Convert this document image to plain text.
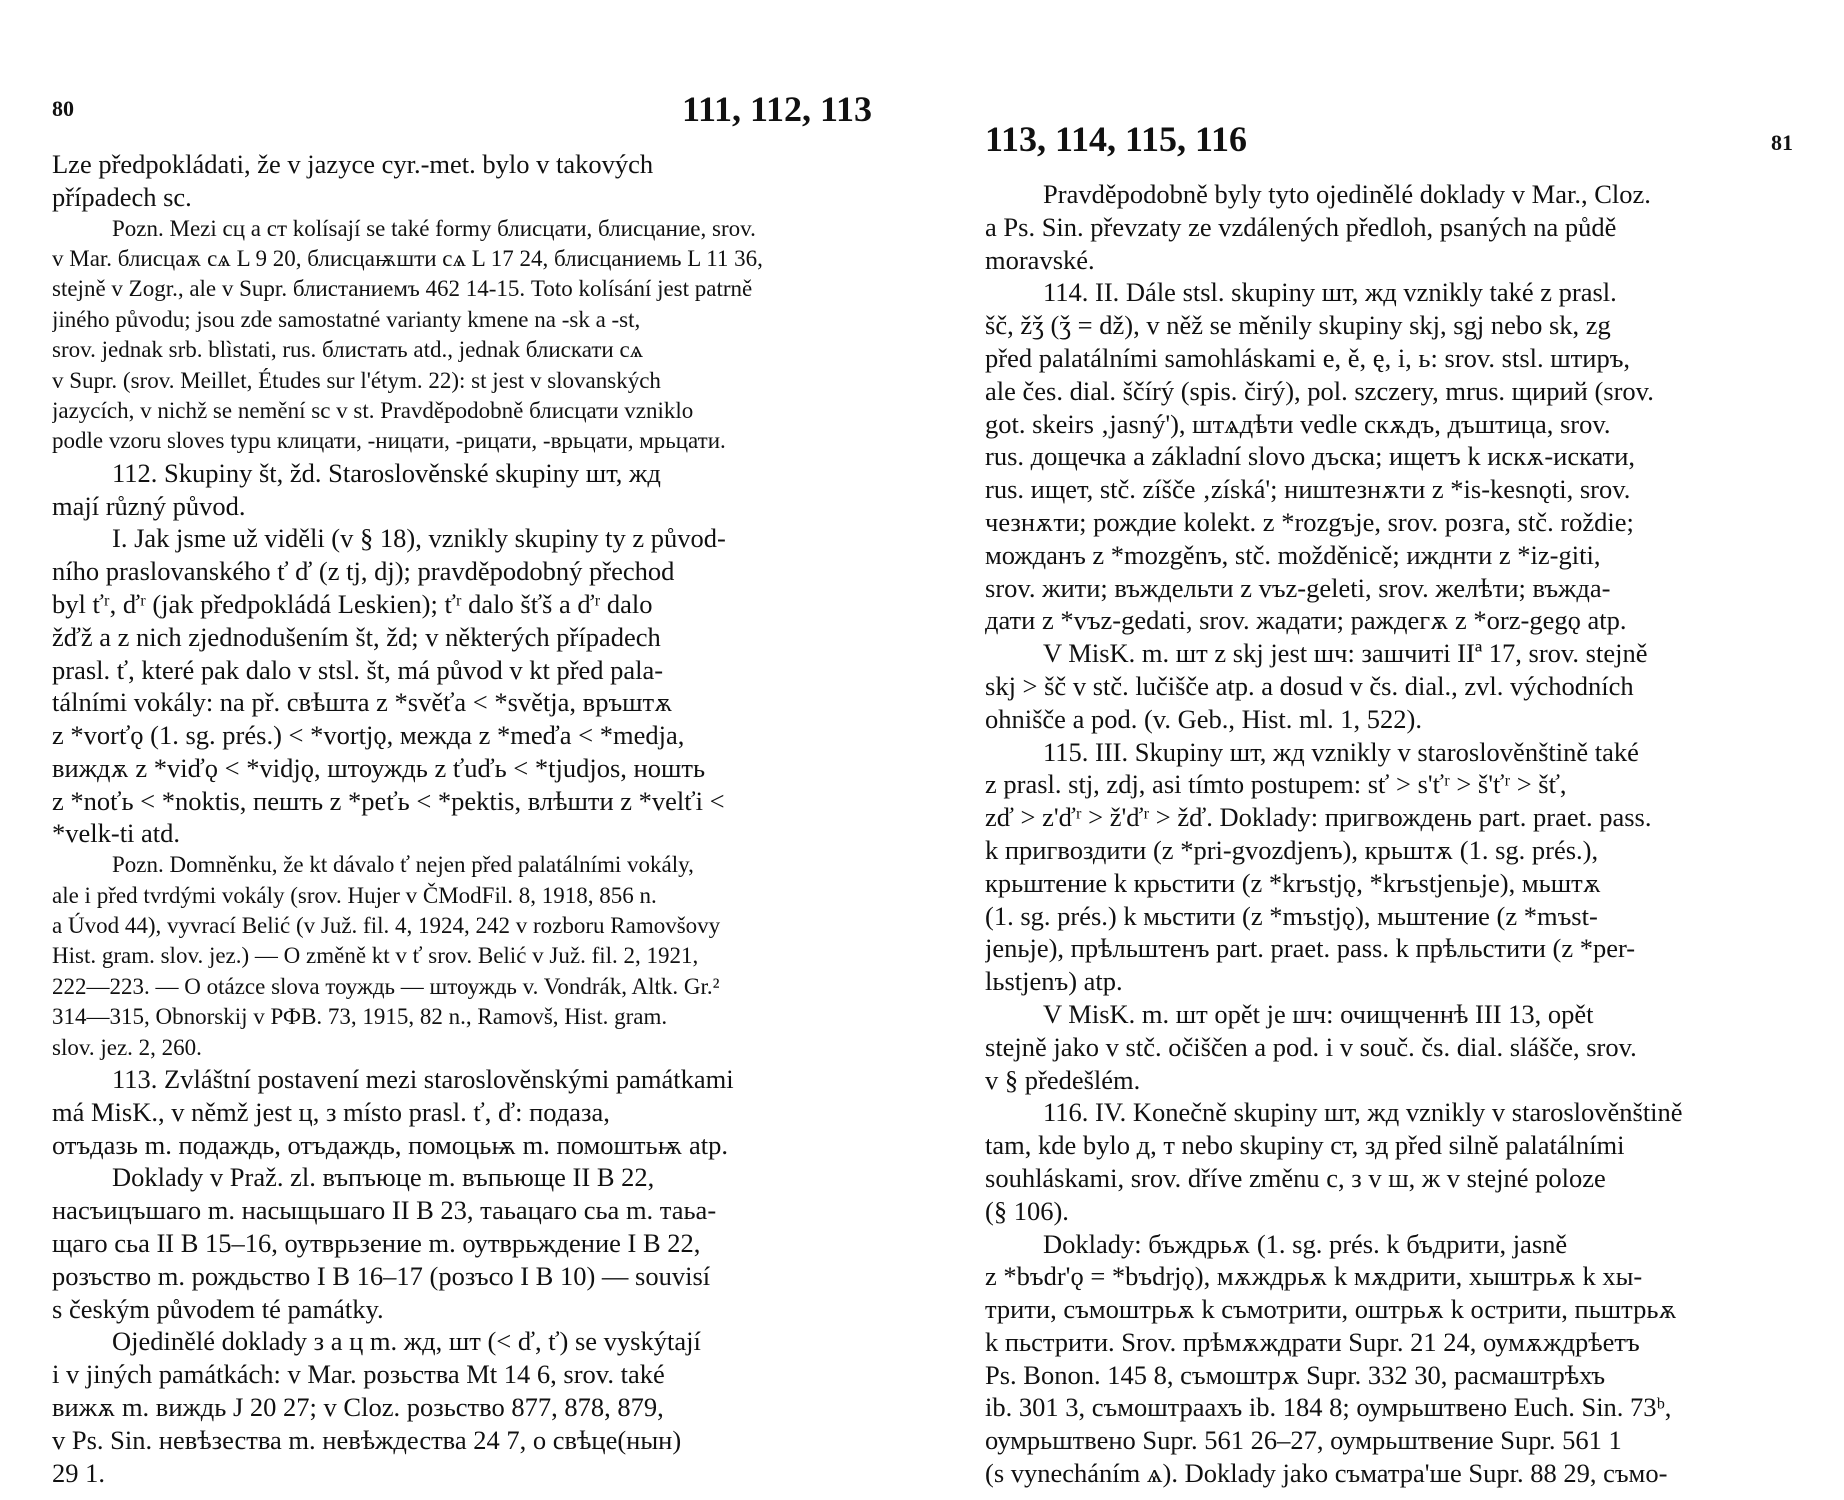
80	111, 112, 113
Lze předpokládati, že v jazyce cyr.-met. bylo v takových
případech sc.
Pozn. Mezi сц a ст kolísají se také formy блисцати, блисцание, srov.
v Mar. блисцаѫ сѧ L 9 20, блисцаѭшти сѧ L 17 24, блисцаниемь L 11 36,
stejně v Zogr., ale v Supr. блистаниемъ 462 14-15. Toto kolísání jest patrně
jiného původu; jsou zde samostatné varianty kmene na -sk a -st,
srov. jednak srb. blìstati, rus. блистать atd., jednak блискати сѧ
v Supr. (srov. Meillet, Études sur l'étym. 22): st jest v slovanských
jazycích, v nichž se nemění sc v st. Pravděpodobně блисцати vzniklo
podle vzoru sloves typu клицати, -ницати, -рицати, -врьцати, мрьцати.
112. Skupiny št, žd. Staroslověnské skupiny шт, жд
mají různý původ.
I. Jak jsme už viděli (v § 18), vznikly skupiny ty z původ-
ního praslovanského ť ď (z tj, dj); pravděpodobný přechod
byl ťʳ, ďʳ (jak předpokládá Leskien); ťʳ dalo šťš a ďʳ dalo
žďž a z nich zjednodušením št, žd; v některých případech
prasl. ť, které pak dalo v stsl. št, má původ v kt před pala-
tálními vokály: na př. свѣшта z *svěťa < *světja, връштѫ
z *vorťǫ (1. sg. prés.) < *vortjǫ, межда z *meďa < *medja,
виждѫ z *viďǫ < *vidjǫ, штоуждь z ťuďь < *tjudjos, ношть
z *noťь < *noktis, пешть z *peťь < *pektis, влѣшти z *velťi <
*velk-ti atd.
Pozn. Domněnku, že kt dávalo ť nejen před palatálními vokály,
ale i před tvrdými vokály (srov. Hujer v ČModFil. 8, 1918, 856 n.
a Úvod 44), vyvrací Belić (v Juž. fil. 4, 1924, 242 v rozboru Ramovšovy
Hist. gram. slov. jez.) — O změně kt v ť srov. Belić v Juž. fil. 2, 1921,
222—223. — O otázce slova тоуждь — штоуждь v. Vondrák, Altk. Gr.²
314—315, Obnorskij v РФВ. 73, 1915, 82 n., Ramovš, Hist. gram.
slov. jez. 2, 260.
113. Zvláštní postavení mezi staroslověnskými památkami
má MisK., v němž jest ц, з místo prasl. ť, ď: подаза,
отъдазь m. подаждь, отъдаждь, помоцьѭ m. помоштьѭ atp.
Doklady v Praž. zl. въпъюце m. въпьюще II B 22,
насъицъшаго m. насыщьшаго II B 23, таьацаго сьа m. таьа-
щаго сьа II B 15–16, оутврьзение m. оутврьждение I B 22,
розъство m. рождьство I B 16–17 (розъсо I B 10) — souvisí
s českým původem té památky.
Ojedinělé doklady з a ц m. жд, шт (< ď, ť) se vyskýtají
i v jiných památkách: v Mar. розьства Mt 14 6, srov. také
вижѫ m. виждь J 20 27; v Cloz. розьство 877, 878, 879,
v Ps. Sin. невѣзества m. невѣждества 24 7, о свѣце(нын)
29 1.
113, 114, 115, 116	81
Pravděpodobně byly tyto ojedinělé doklady v Mar., Cloz.
a Ps. Sin. převzaty ze vzdálených předloh, psaných na půdě
moravské.
114. II. Dále stsl. skupiny шт, жд vznikly také z prasl.
šč, žǯ (ǯ = dž), v něž se měnily skupiny skj, sgj nebo sk, zg
před palatálními samohláskami e, ě, ę, i, ь: srov. stsl. штиръ,
ale čes. dial. ščírý (spis. čirý), pol. szczery, mrus. щирий (srov.
got. skeirs ‚jasný'), штѧдѣти vedle скѫдъ, дъштица, srov.
rus. дощечка a základní slovo дъска; ищетъ k искѫ-искати,
rus. ищет, stč. zíšče ‚získá'; ништезнѫти z *is-kesnǫti, srov.
чезнѫти; рождие kolekt. z *rozgъje, srov. розга, stč. roždie;
можданъ z *mozgěnъ, stč. možděnicě; ижднти z *iz-giti,
srov. жити; въждельти z vъz-geleti, srov. желѣти; въжда-
дати z *vъz-gedati, srov. жадати; раждегѫ z *orz-gegǫ atp.
V MisK. m. шт z skj jest шч: зашчиті IIª 17, srov. stejně
skj > šč v stč. lučišče atp. a dosud v čs. dial., zvl. východních
ohnišče a pod. (v. Geb., Hist. ml. 1, 522).
115. III. Skupiny шт, жд vznikly v staroslověnštině také
z prasl. stj, zdj, asi tímto postupem: sť > s'ťʳ > š'ťʳ > šť,
zď > z'ďʳ > ž'ďʳ > žď. Doklady: пригвождень part. praet. pass.
k пригвоздити (z *pri-gvozdjenъ), крьштѫ (1. sg. prés.),
крьштение k крьстити (z *krъstjǫ, *krъstjenьje), мьштѫ
(1. sg. prés.) k мьстити (z *mъstjǫ), мьштение (z *mъst-
jenьje), прѣльштенъ part. praet. pass. k прѣльстити (z *per-
lьstjenъ) atp.
V MisK. m. шт opět je шч: очищченнѣ III 13, opět
stejně jako v stč. očiščen a pod. i v souč. čs. dial. sláščе, srov.
v § předešlém.
116. IV. Konečně skupiny шт, жд vznikly v staroslověnštině
tam, kde bylo д, т nebo skupiny ст, зд před silně palatálními
souhláskami, srov. dříve změnu с, з v ш, ж v stejné poloze
(§ 106).
Doklady: бъждрьѫ (1. sg. prés. k бъдрити, jasně
z *bъdr'ǫ = *bъdrjǫ), мѫждрьѫ k мѫдрити, хыштрьѫ k хы-
трити, съмоштрьѫ k съмотрити, оштрьѫ k острити, пьштрьѫ
k пьстрити. Srov. прѣмѫждрати Supr. 21 24, оумѫждрѣетъ
Ps. Bonon. 145 8, съмоштрѫ Supr. 332 30, расмаштрѣхъ
ib. 301 3, съмоштраахъ ib. 184 8; оумрьштвено Euch. Sin. 73ᵇ,
оумрьштвено Supr. 561 26–27, оумрьштвение Supr. 561 1
(s vynecháním ѧ). Doklady jako съматра'ше Supr. 88 29, съмо-
